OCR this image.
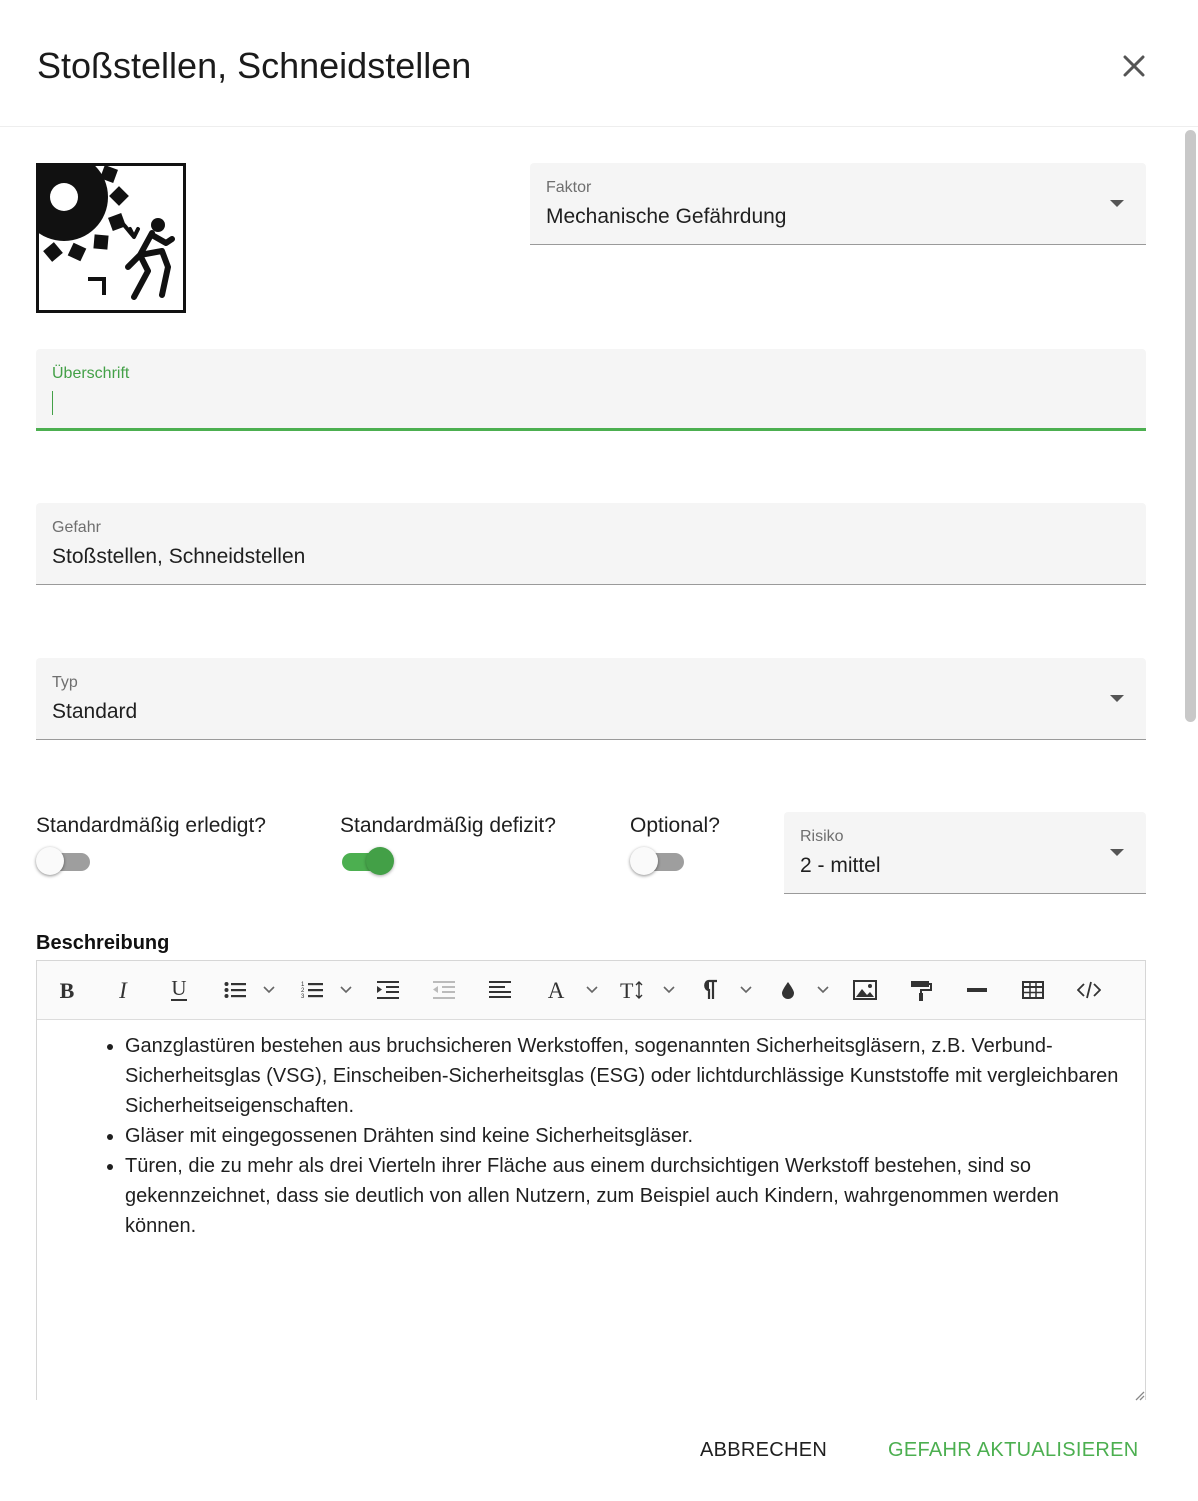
Stoßstellen, Schneidstellen
Faktor
Mechanische Gefährdung
Überschrift
Gefahr
Stoßstellen, Schneidstellen
Typ
Standard
Standardmäßig erledigt?	Standardmäßig defizit?	Optional?	Risiko
2 - mittel
Beschreibung
B I U	1
2
3	A	T
• Ganzglastüren bestehen aus bruchsicheren Werkstoffen, sogenannten Sicherheitsgläsern, z.B. Verbund-Sicherheitsglas (VSG), Einscheiben-Sicherheitsglas (ESG) oder lichtdurchlässige Kunststoffe mit vergleichbaren Sicherheitseigenschaften.
• Gläser mit eingegossenen Drähten sind keine Sicherheitsgläser.
• Türen, die zu mehr als drei Vierteln ihrer Fläche aus einem durchsichtigen Werkstoff bestehen, sind so gekennzeichnet, dass sie deutlich von allen Nutzern, zum Beispiel auch Kindern, wahrgenommen werden können.
ABBRECHEN	GEFAHR AKTUALISIEREN
